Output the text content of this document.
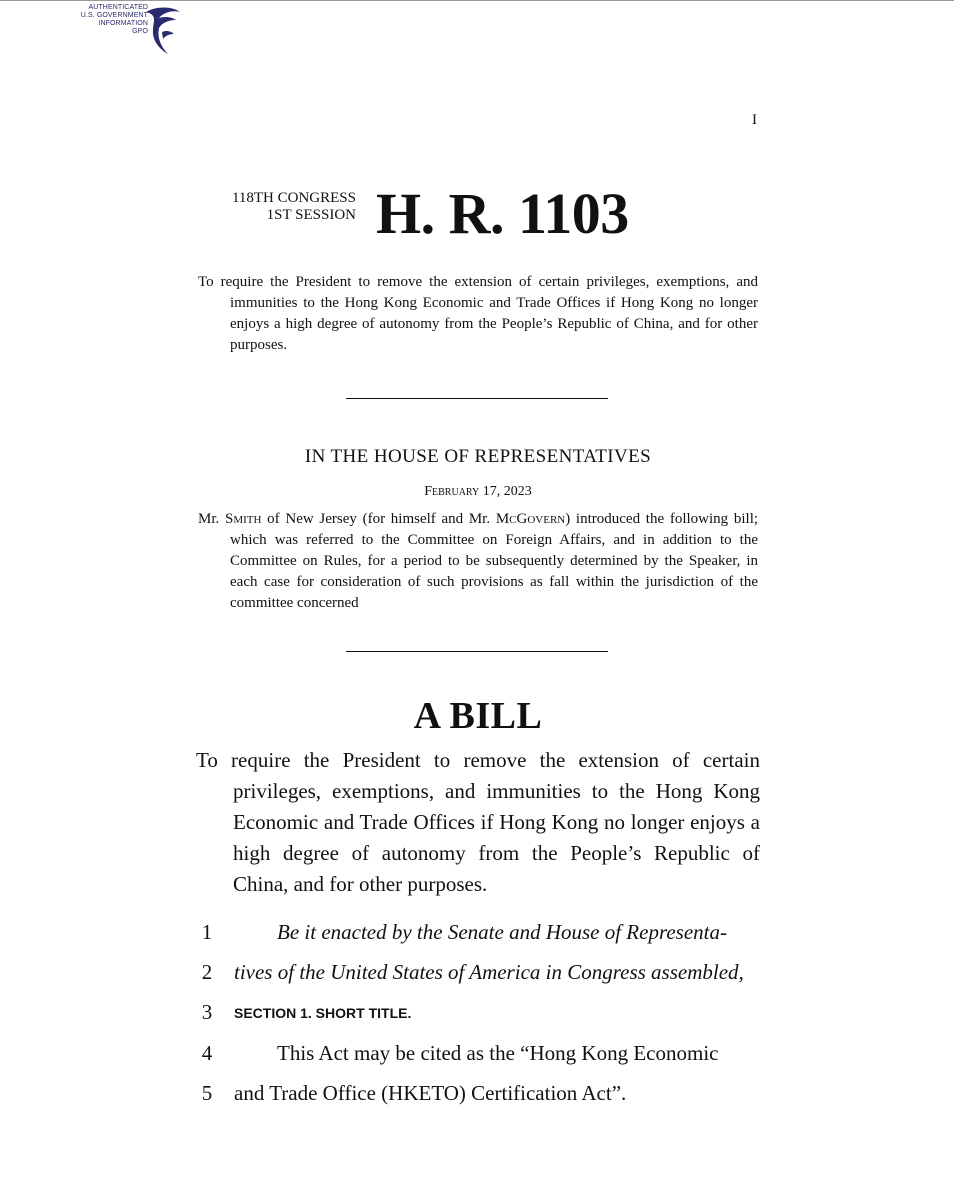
AUTHENTICATED
U.S. GOVERNMENT
INFORMATION
GPO
I
118TH CONGRESS
1ST SESSION H. R. 1103
To require the President to remove the extension of certain privileges, exemptions, and immunities to the Hong Kong Economic and Trade Offices if Hong Kong no longer enjoys a high degree of autonomy from the People’s Republic of China, and for other purposes.
IN THE HOUSE OF REPRESENTATIVES
February 17, 2023
Mr. Smith of New Jersey (for himself and Mr. McGovern) introduced the following bill; which was referred to the Committee on Foreign Affairs, and in addition to the Committee on Rules, for a period to be subsequently determined by the Speaker, in each case for consideration of such provisions as fall within the jurisdiction of the committee concerned
A BILL
To require the President to remove the extension of certain privileges, exemptions, and immunities to the Hong Kong Economic and Trade Offices if Hong Kong no longer enjoys a high degree of autonomy from the People’s Republic of China, and for other purposes.
1	Be it enacted by the Senate and House of Representa-
2 tives of the United States of America in Congress assembled,
3	SECTION 1. SHORT TITLE.
4	This Act may be cited as the “Hong Kong Economic
5 and Trade Office (HKETO) Certification Act”.
